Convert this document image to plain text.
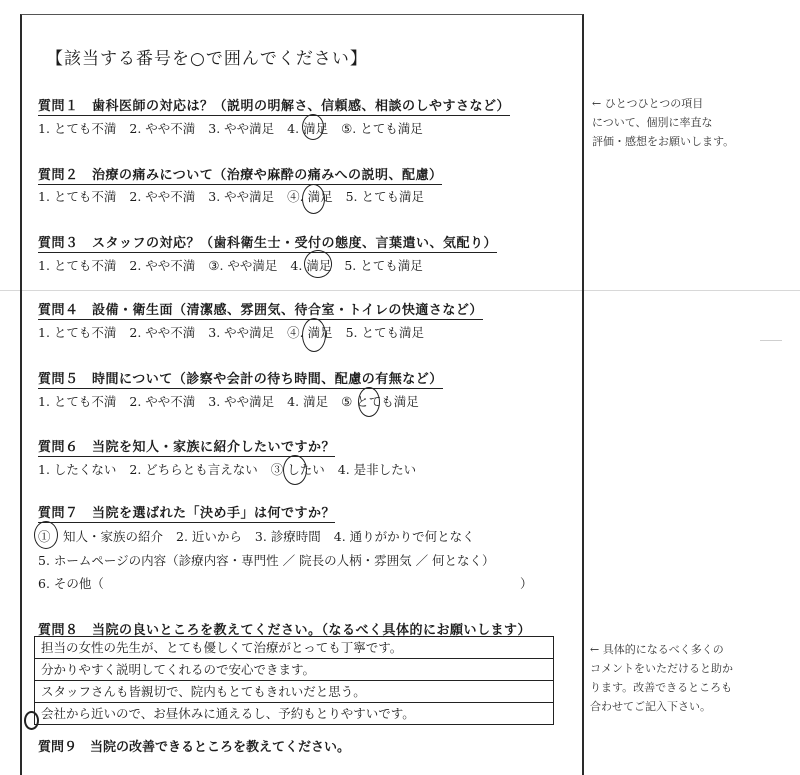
【該当する番号を○で囲んでください】
質問１　歯科医師の対応は？（説明の明解さ、信頼感、相談のしやすさなど）
1. とても不満 2. やや不満 3. やや満足 4. 満足 ⑤. とても満足
質問２　治療の痛みについて（治療や麻酔の痛みへの説明、配慮）
1. とても不満 2. やや不満 3. やや満足 ④. 満足 5. とても満足
質問３　スタッフの対応？（歯科衛生士・受付の態度、言葉遣い、気配り）
1. とても不満 2. やや不満 ③. やや満足 4. 満足 5. とても満足
質問４　設備・衛生面（清潔感、雰囲気、待合室・トイレの快適さなど）
1. とても不満 2. やや不満 3. やや満足 ④. 満足 5. とても満足
質問５　時間について（診察や会計の待ち時間、配慮の有無など）
1. とても不満 2. やや不満 3. やや満足 4. 満足 ⑤ とても満足
質問６　当院を知人・家族に紹介したいですか？
1. したくない 2. どちらとも言えない ③ したい 4. 是非したい
質問７　当院を選ばれた「決め手」は何ですか？
①　知人・家族の紹介 2. 近いから 3. 診療時間 4. 通りがかりで何となく
5. ホームページの内容（診療内容・専門性 ／ 院長の人柄・雰囲気 ／ 何となく）
6. その他（	）
質問８　当院の良いところを教えてください。（なるべく具体的にお願いします）
担当の女性の先生が、とても優しくて治療がとっても丁寧です。
分かりやすく説明してくれるので安心できます。
スタッフさんも皆親切で、院内もとてもきれいだと思う。
会社から近いので、お昼休みに通えるし、予約もとりやすいです。
質問９　当院の改善できるところを教えてください。
← ひとつひとつの項目
について、個別に率直な
評価・感想をお願いします。
← 具体的になるべく多くの
コメントをいただけると助か
ります。改善できるところも
合わせてご記入下さい。
